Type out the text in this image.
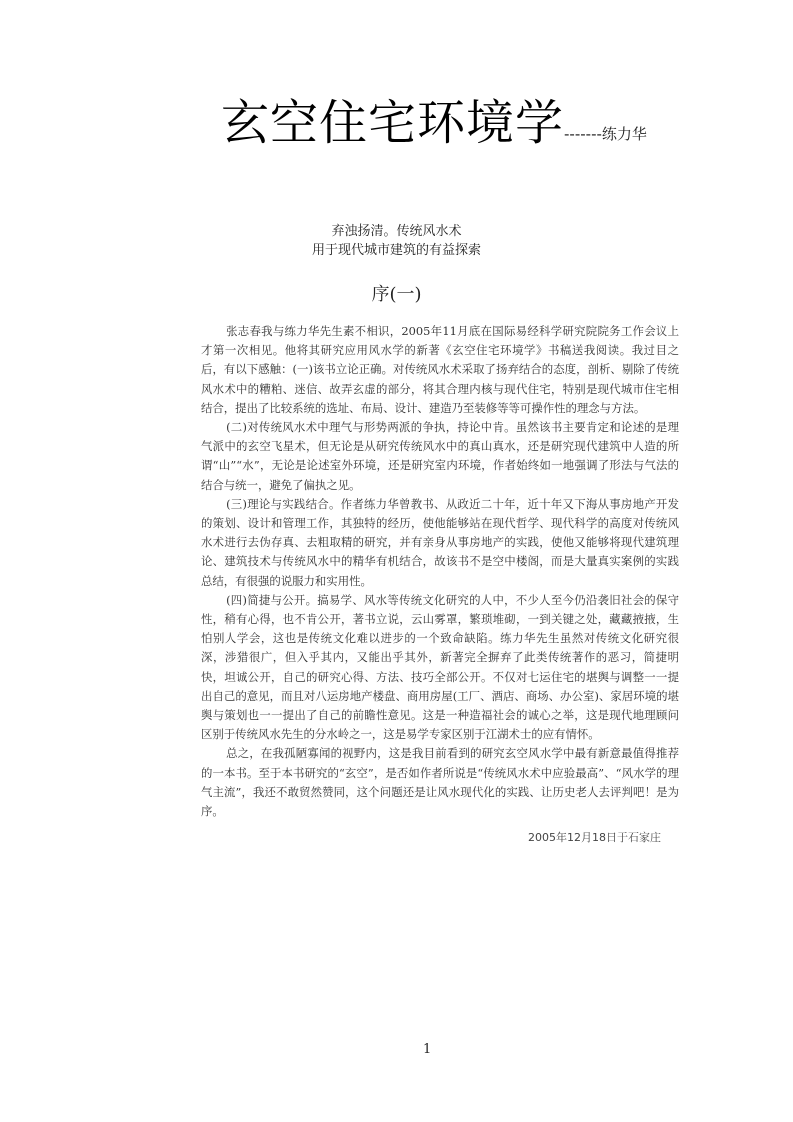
玄空住宅环境学-------练力华
弃浊扬清。传统风水术
用于现代城市建筑的有益探索
序(一)

张志春我与练力华先生素不相识，2005年11月底在国际易经科学研究院院务工作会议上才第一次相见。他将其研究应用风水学的新著《玄空住宅环境学》书稿送我阅读。我过目之后，有以下感触：(一)该书立论正确。对传统风水术采取了扬弃结合的态度，剖析、剔除了传统风水术中的糟粕、迷信、故弄玄虚的部分，将其合理内核与现代住宅，特别是现代城市住宅相结合，提出了比较系统的选址、布局、设计、建造乃至装修等等可操作性的理念与方法。

(二)对传统风水术中理气与形势两派的争执，持论中肯。虽然该书主要肯定和论述的是理气派中的玄空飞星术，但无论是从研究传统风水中的真山真水，还是研究现代建筑中人造的所谓“山”“水”，无论是论述室外环境，还是研究室内环境，作者始终如一地强调了形法与气法的结合与统一，避免了偏执之见。

(三)理论与实践结合。作者练力华曾教书、从政近二十年，近十年又下海从事房地产开发的策划、设计和管理工作，其独特的经历，使他能够站在现代哲学、现代科学的高度对传统风水术进行去伪存真、去粗取精的研究，并有亲身从事房地产的实践，使他又能够将现代建筑理论、建筑技术与传统风水中的精华有机结合，故该书不是空中楼阁，而是大量真实案例的实践总结，有很强的说服力和实用性。

(四)简捷与公开。搞易学、风水等传统文化研究的人中，不少人至今仍沿袭旧社会的保守性，稍有心得，也不肯公开，著书立说，云山雾罩，繁琐堆砌，一到关键之处，藏藏掖掖，生怕别人学会，这也是传统文化难以进步的一个致命缺陷。练力华先生虽然对传统文化研究很深，涉猎很广，但入乎其内，又能出乎其外，新著完全摒弃了此类传统著作的恶习，简捷明快，坦诚公开，自己的研究心得、方法、技巧全部公开。不仅对七运住宅的堪舆与调整一一提出自己的意见，而且对八运房地产楼盘、商用房屋(工厂、酒店、商场、办公室)、家居环境的堪舆与策划也一一提出了自己的前瞻性意见。这是一种造福社会的诚心之举，这是现代地理顾问区别于传统风水先生的分水岭之一，这是易学专家区别于江湖术士的应有情怀。

总之，在我孤陋寡闻的视野内，这是我目前看到的研究玄空风水学中最有新意最值得推荐的一本书。至于本书研究的“玄空”，是否如作者所说是“传统风水术中应验最高”、“风水学的理气主流”，我还不敢贸然赞同，这个问题还是让风水现代化的实践、让历史老人去评判吧！是为序。

2005年12月18日于石家庄
1
